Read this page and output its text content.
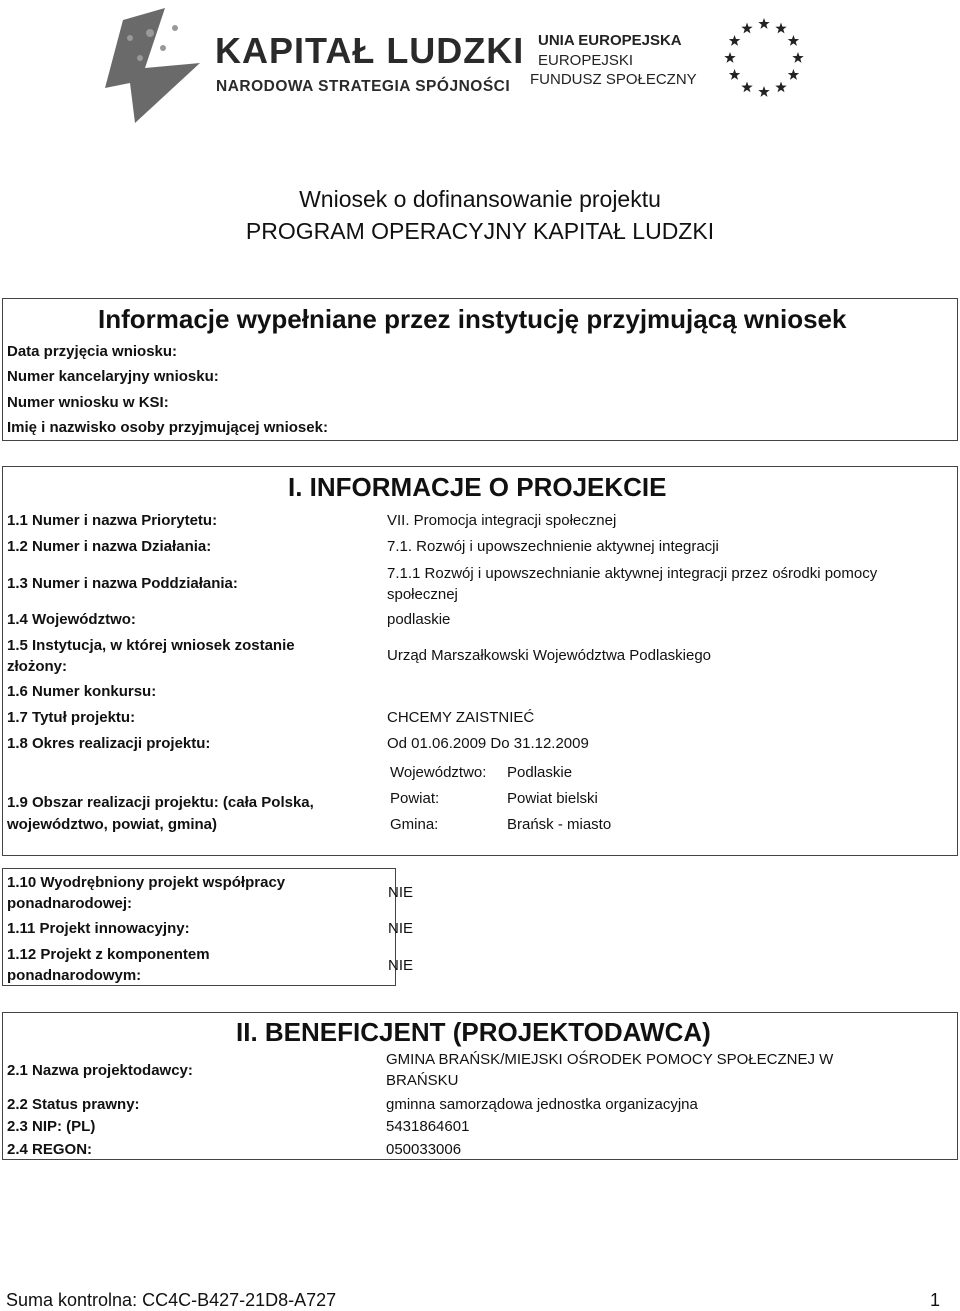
KAPITAŁ LUDZKI
NARODOWA STRATEGIA SPÓJNOŚCI
UNIA EUROPEJSKA
EUROPEJSKI
FUNDUSZ SPOŁECZNY
Wniosek o dofinansowanie projektu
PROGRAM OPERACYJNY KAPITAŁ LUDZKI
Informacje wypełniane przez instytucję przyjmującą wniosek
Data przyjęcia wniosku:
Numer kancelaryjny wniosku:
Numer wniosku w KSI:
Imię i nazwisko osoby przyjmującej wniosek:
I. INFORMACJE O PROJEKCIE
1.1 Numer i nazwa Priorytetu:	VII. Promocja integracji społecznej
1.2 Numer i nazwa Działania:	7.1. Rozwój i upowszechnienie aktywnej integracji
1.3 Numer i nazwa Poddziałania:
7.1.1 Rozwój i upowszechnianie aktywnej integracji przez ośrodki pomocy
społecznej
1.4 Województwo:	podlaskie
1.5 Instytucja, w której wniosek zostanie
złożony:
Urząd Marszałkowski Województwa Podlaskiego
1.6 Numer konkursu:
1.7 Tytuł projektu:	CHCEMY ZAISTNIEĆ
1.8 Okres realizacji projektu:	Od 01.06.2009 Do 31.12.2009
1.9 Obszar realizacji projektu: (cała Polska,
województwo, powiat, gmina)
Województwo: Podlaskie
Powiat:	Powiat bielski
Gmina:	Brańsk - miasto
1.10 Wyodrębniony projekt współpracy
ponadnarodowej:
NIE
1.11 Projekt innowacyjny:	NIE
1.12 Projekt z komponentem
ponadnarodowym:
NIE
II. BENEFICJENT (PROJEKTODAWCA)
2.1 Nazwa projektodawcy:
GMINA BRAŃSK/MIEJSKI OŚRODEK POMOCY SPOŁECZNEJ W
BRAŃSKU
2.2 Status prawny:	gminna samorządowa jednostka organizacyjna
2.3 NIP: (PL)	5431864601
2.4 REGON:	050033006
Suma kontrolna: CC4C-B427-21D8-A727	1
